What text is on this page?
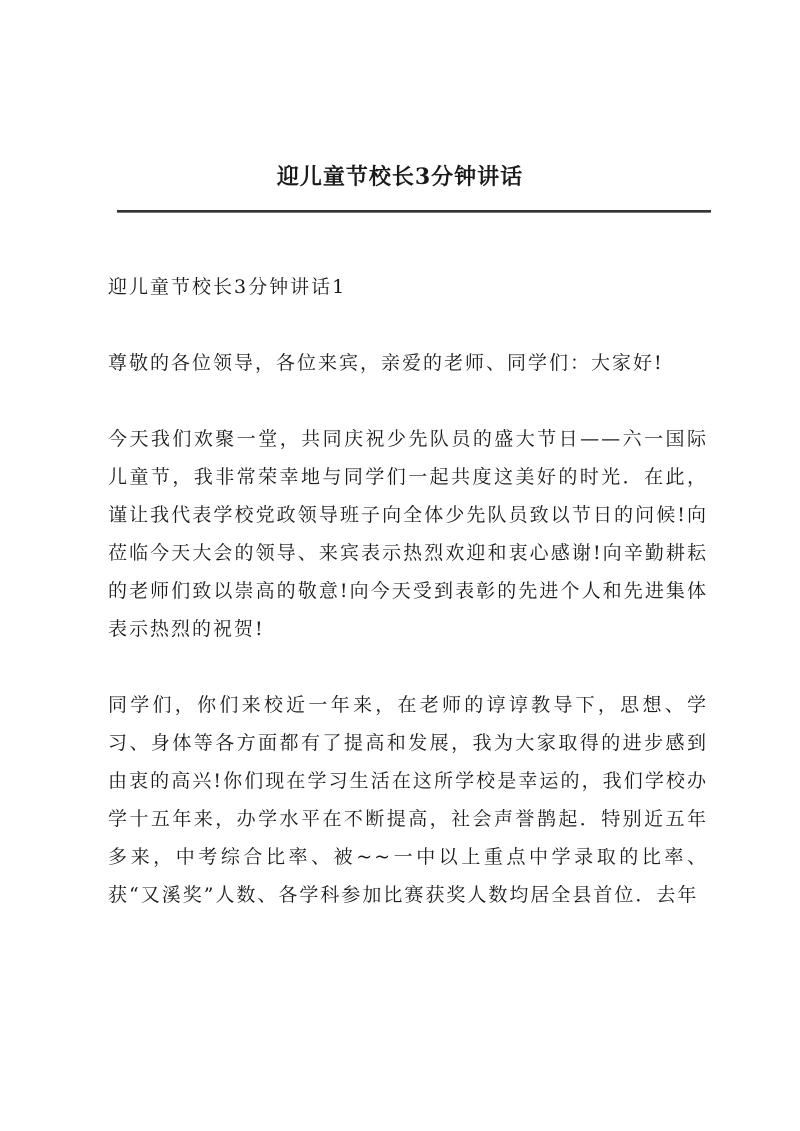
迎儿童节校长3分钟讲话

迎儿童节校长3分钟讲话1

尊敬的各位领导，各位来宾，亲爱的老师、同学们：大家好!

今天我们欢聚一堂，共同庆祝少先队员的盛大节日——六一国际儿童节，我非常荣幸地与同学们一起共度这美好的时光．在此，谨让我代表学校党政领导班子向全体少先队员致以节日的问候!向莅临今天大会的领导、来宾表示热烈欢迎和衷心感谢!向辛勤耕耘的老师们致以崇高的敬意!向今天受到表彰的先进个人和先进集体表示热烈的祝贺!

同学们，你们来校近一年来，在老师的谆谆教导下，思想、学习、身体等各方面都有了提高和发展，我为大家取得的进步感到由衷的高兴!你们现在学习生活在这所学校是幸运的，我们学校办学十五年来，办学水平在不断提高，社会声誉鹊起．特别近五年多来，中考综合比率、被~~一中以上重点中学录取的比率、获“又溪奖”人数、各学科参加比赛获奖人数均居全县首位．去年
